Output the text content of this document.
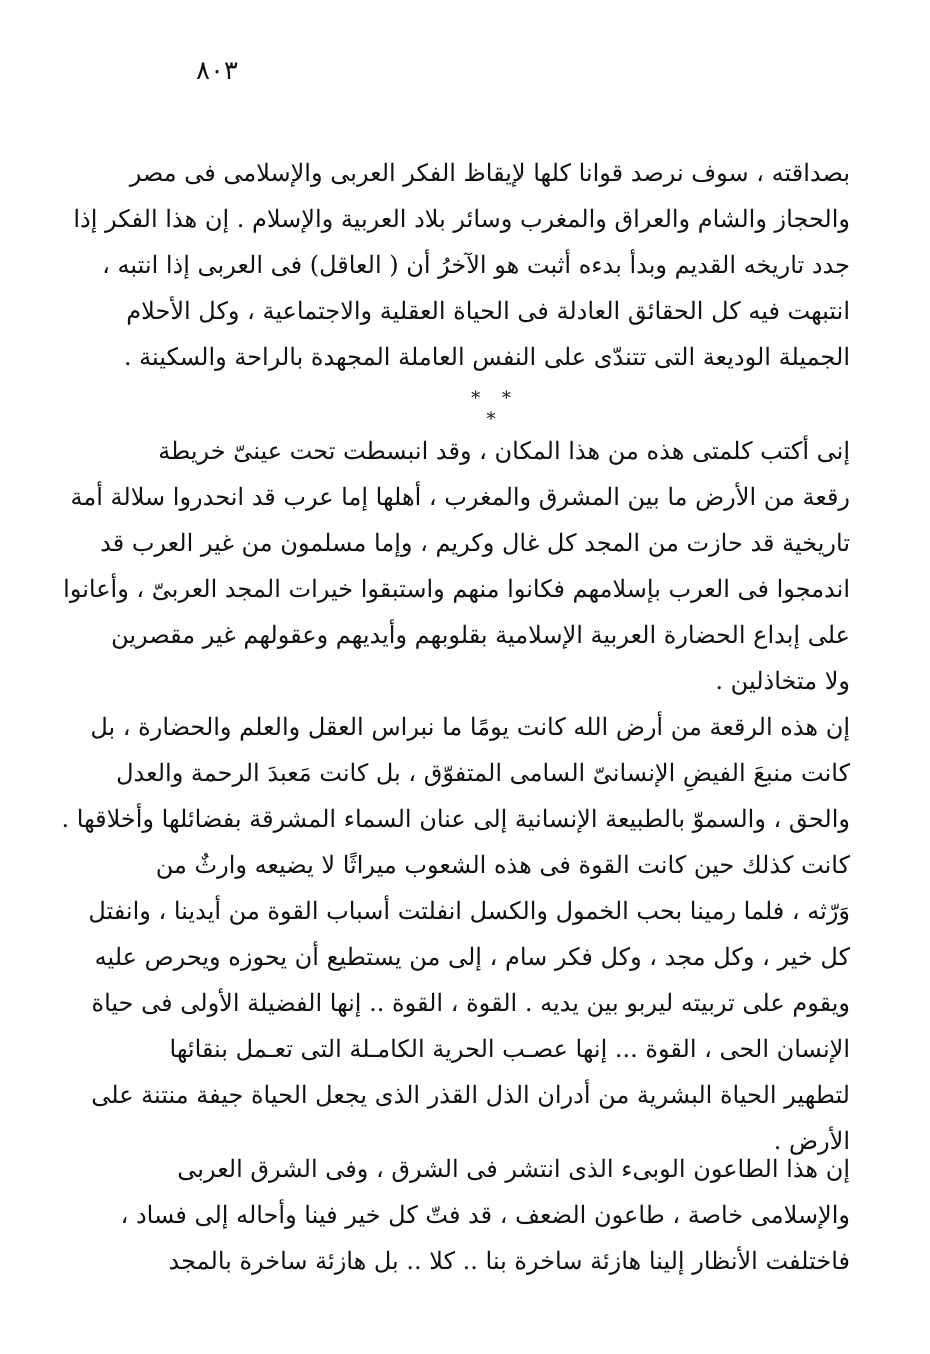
٨٠٣
بصداقته ، سوف نرصد قوانا كلها لإيقاظ الفكر العربى والإسلامى فى مصر
والحجاز والشام والعراق والمغرب وسائر بلاد العربية والإسلام . إن هذا الفكر إذا
جدد تاريخه القديم وبدأ بدءه أثبت هو الآخرُ أن ( العاقل) فى العربى إذا انتبه ،
انتبهت فيه كل الحقائق العادلة فى الحياة العقلية والاجتماعية ، وكل الأحلام
الجميلة الوديعة التى تتندّى على النفس العاملة المجهدة بالراحة والسكينة .
* * *
إنى أكتب كلمتى هذه من هذا المكان ، وقد انبسطت تحت عينىّ خريطة
رقعة من الأرض ما بين المشرق والمغرب ، أهلها إما عرب قد انحدروا سلالة أمة
تاريخية قد حازت من المجد كل غال وكريم ، وإما مسلمون من غير العرب قد
اندمجوا فى العرب بإسلامهم فكانوا منهم واستبقوا خيرات المجد العربىّ ، وأعانوا
على إبداع الحضارة العربية الإسلامية بقلوبهم وأيديهم وعقولهم غير مقصرين
ولا متخاذلين .
إن هذه الرقعة من أرض الله كانت يومًا ما نبراس العقل والعلم والحضارة ، بل
كانت منبعَ الفيضِ الإنسانىّ السامى المتفوّق ، بل كانت مَعبدَ الرحمة والعدل
والحق ، والسموّ بالطبيعة الإنسانية إلى عنان السماء المشرقة بفضائلها وأخلاقها .
كانت كذلك حين كانت القوة فى هذه الشعوب ميراثًا لا يضيعه وارثٌ من
وَرّثه ، فلما رمينا بحب الخمول والكسل انفلتت أسباب القوة من أيدينا ، وانفتل
كل خير ، وكل مجد ، وكل فكر سام ، إلى من يستطيع أن يحوزه ويحرص عليه
ويقوم على تربيته ليربو بين يديه . القوة ، القوة .. إنها الفضيلة الأولى فى حياة
الإنسان الحى ، القوة ... إنها عصـب الحرية الكامـلة التى تعـمل بنقائها
لتطهير الحياة البشرية من أدران الذل القذر الذى يجعل الحياة جيفة منتنة على
الأرض .
إن هذا الطاعون الوبىء الذى انتشر فى الشرق ، وفى الشرق العربى
والإسلامى خاصة ، طاعون الضعف ، قد فتّ كل خير فينا وأحاله إلى فساد ،
فاختلفت الأنظار إلينا هازئة ساخرة بنا .. كلا .. بل هازئة ساخرة بالمجد
